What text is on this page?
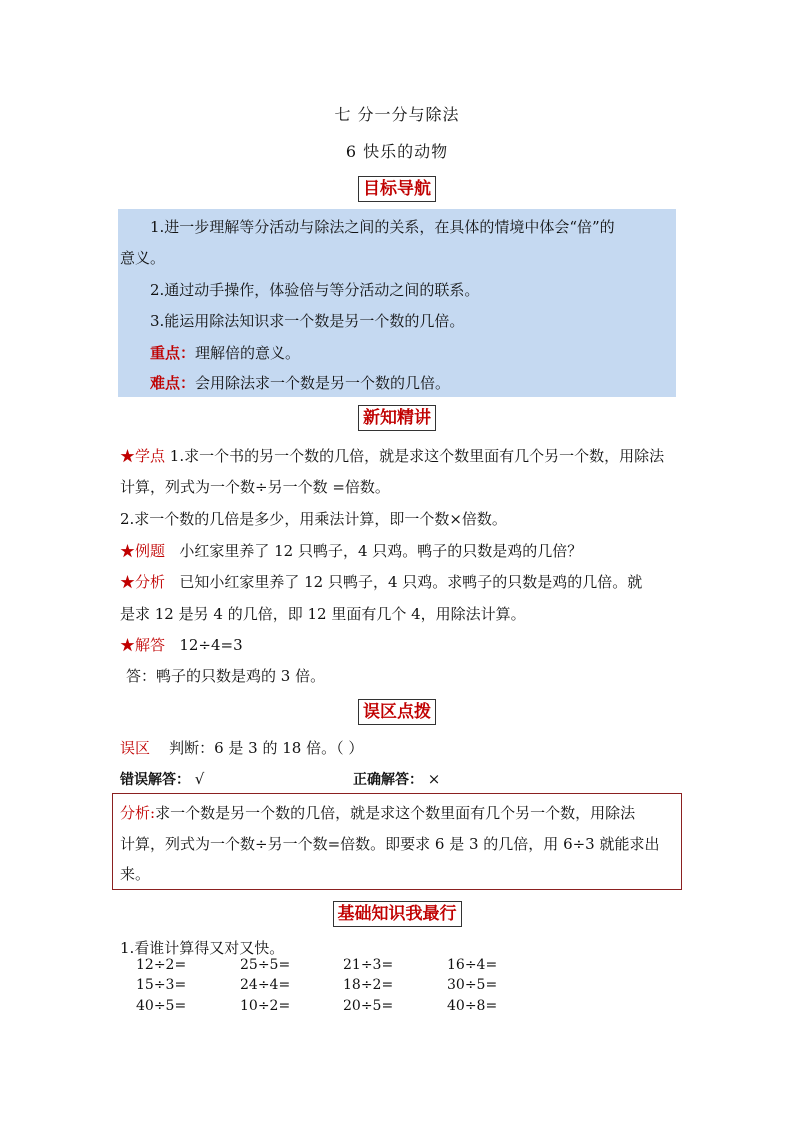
七 分一分与除法
6 快乐的动物
目标导航
1.进一步理解等分活动与除法之间的关系，在具体的情境中体会“倍”的
意义。
2.通过动手操作，体验倍与等分活动之间的联系。
3.能运用除法知识求一个数是另一个数的几倍。
重点：理解倍的意义。
难点：会用除法求一个数是另一个数的几倍。
新知精讲
★学点 1.求一个书的另一个数的几倍，就是求这个数里面有几个另一个数，用除法
计算，列式为一个数÷另一个数 =倍数。
2.求一个数的几倍是多少，用乘法计算，即一个数×倍数。
★例题 小红家里养了 12 只鸭子，4 只鸡。鸭子的只数是鸡的几倍？
★分析 已知小红家里养了 12 只鸭子，4 只鸡。求鸭子的只数是鸡的几倍。就
是求 12 是另 4 的几倍，即 12 里面有几个 4，用除法计算。
★解答 12÷4=3
答：鸭子的只数是鸡的 3 倍。
误区点拨
误区 判断：6 是 3 的 18 倍。（ ）
错误解答： √	正确解答： ×
分析:求一个数是另一个数的几倍，就是求这个数里面有几个另一个数，用除法
计算，列式为一个数÷另一个数=倍数。即要求 6 是 3 的几倍，用 6÷3 就能求出
来。
基础知识我最行
1.看谁计算得又对又快。
12÷2=	25÷5=	21÷3=	16÷4=
15÷3=	24÷4=	18÷2=	30÷5=
40÷5=	10÷2=	20÷5=	40÷8=
